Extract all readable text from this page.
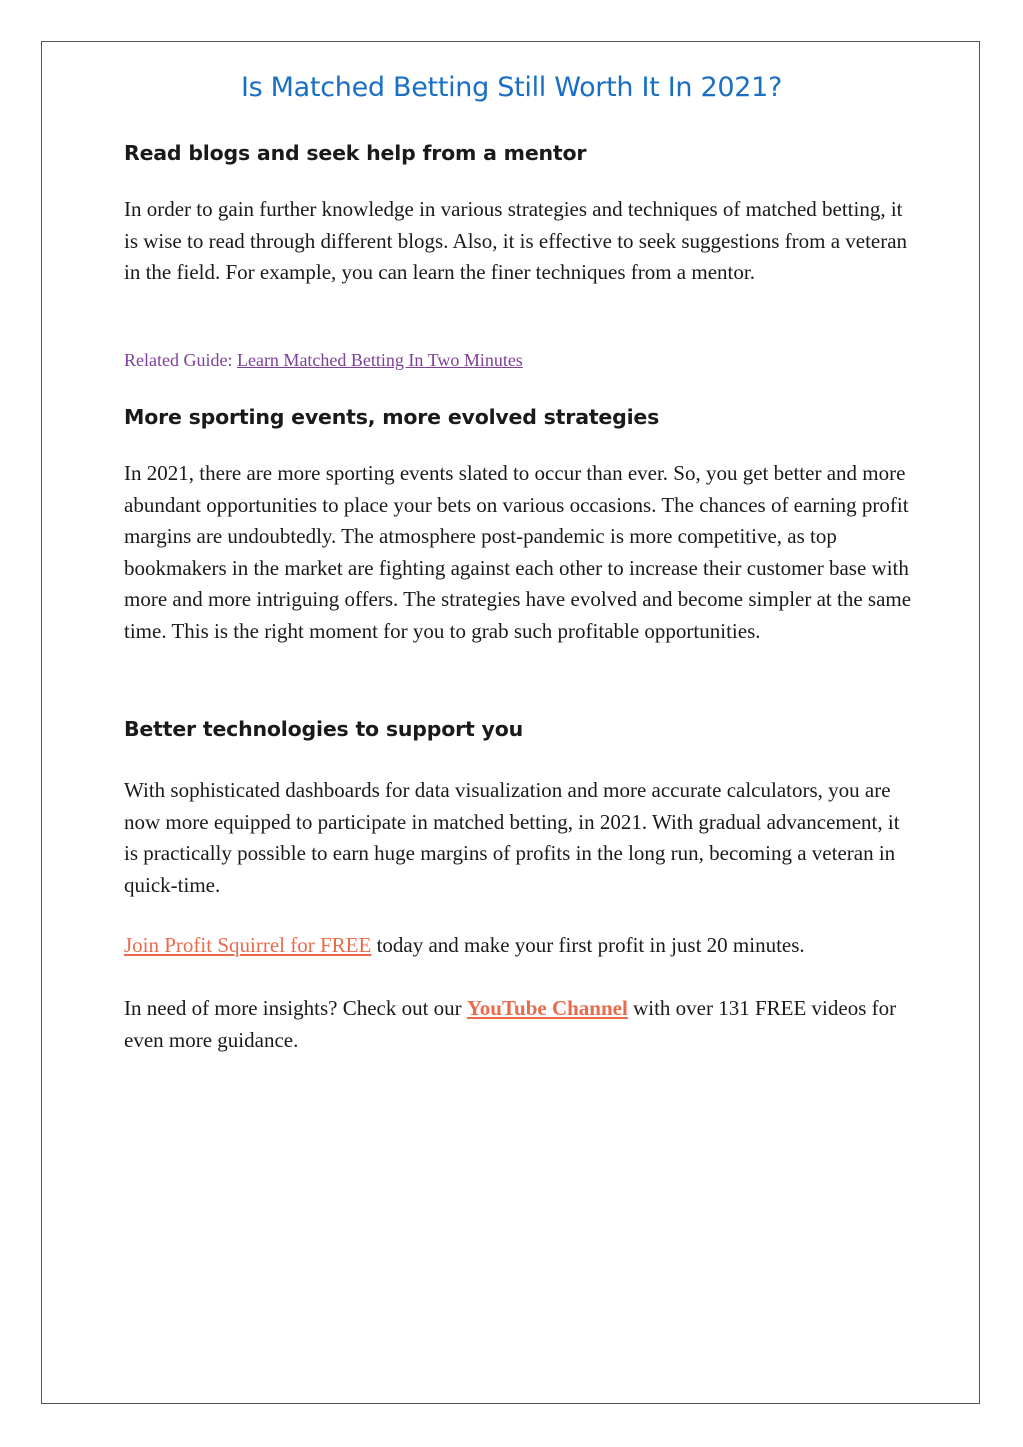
Is Matched Betting Still Worth It In 2021?
Read blogs and seek help from a mentor

In order to gain further knowledge in various strategies and techniques of matched betting, it is wise to read through different blogs. Also, it is effective to seek suggestions from a veteran in the field. For example, you can learn the finer techniques from a mentor.

Related Guide: Learn Matched Betting In Two Minutes

More sporting events, more evolved strategies

In 2021, there are more sporting events slated to occur than ever. So, you get better and more abundant opportunities to place your bets on various occasions. The chances of earning profit margins are undoubtedly. The atmosphere post-pandemic is more competitive, as top bookmakers in the market are fighting against each other to increase their customer base with more and more intriguing offers. The strategies have evolved and become simpler at the same time. This is the right moment for you to grab such profitable opportunities.

Better technologies to support you

With sophisticated dashboards for data visualization and more accurate calculators, you are now more equipped to participate in matched betting, in 2021. With gradual advancement, it is practically possible to earn huge margins of profits in the long run, becoming a veteran in quick-time.

Join Profit Squirrel for FREE today and make your first profit in just 20 minutes.

In need of more insights? Check out our YouTube Channel with over 131 FREE videos for even more guidance.
